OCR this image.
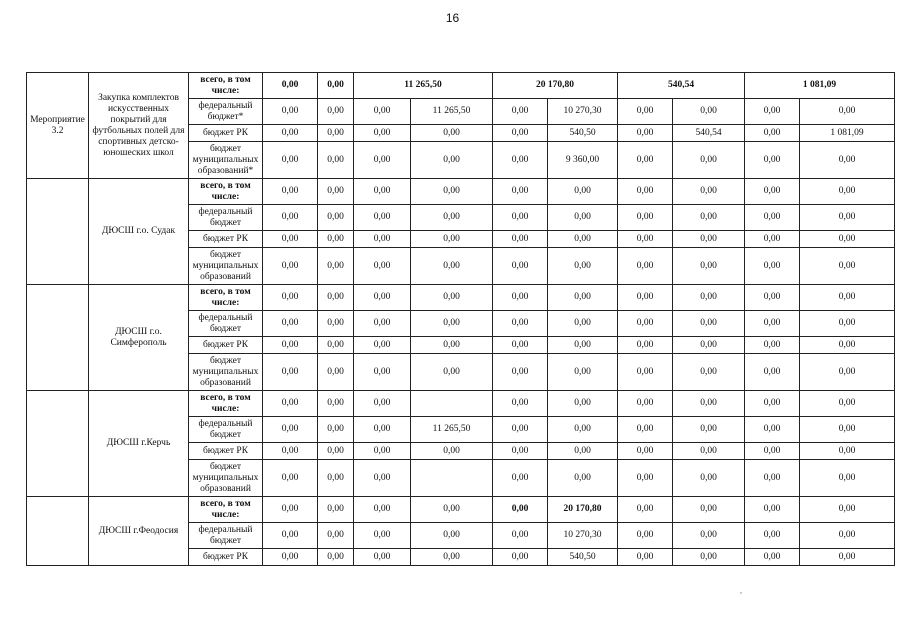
16
Мероприятие 3.2	Закупка комплектов искусственных покрытий для футбольных полей для спортивных детско-юношеских школ	всего, в том числе:	0,00	0,00	11 265,50		20 170,80		540,54		1 081,09	
		федеральный бюджет*	0,00	0,00	0,00	11 265,50	0,00	10 270,30	0,00	0,00	0,00	0,00
		бюджет РК	0,00	0,00	0,00	0,00	0,00	540,50	0,00	540,54	0,00	1 081,09
		бюджет муниципальных образований*	0,00	0,00	0,00	0,00	0,00	9 360,00	0,00	0,00	0,00	0,00
	ДЮСШ г.о. Судак	всего, в том числе:	0,00	0,00	0,00	0,00	0,00	0,00	0,00	0,00	0,00	0,00
		федеральный бюджет	0,00	0,00	0,00	0,00	0,00	0,00	0,00	0,00	0,00	0,00
		бюджет РК	0,00	0,00	0,00	0,00	0,00	0,00	0,00	0,00	0,00	0,00
		бюджет муниципальных образований	0,00	0,00	0,00	0,00	0,00	0,00	0,00	0,00	0,00	0,00
	ДЮСШ г.о. Симферополь	всего, в том числе:	0,00	0,00	0,00	0,00	0,00	0,00	0,00	0,00	0,00	0,00
		федеральный бюджет	0,00	0,00	0,00	0,00	0,00	0,00	0,00	0,00	0,00	0,00
		бюджет РК	0,00	0,00	0,00	0,00	0,00	0,00	0,00	0,00	0,00	0,00
		бюджет муниципальных образований	0,00	0,00	0,00	0,00	0,00	0,00	0,00	0,00	0,00	0,00
	ДЮСШ г.Керчь	всего, в том числе:	0,00	0,00	0,00		0,00	0,00	0,00	0,00	0,00	0,00
		федеральный бюджет	0,00	0,00	0,00	11 265,50	0,00	0,00	0,00	0,00	0,00	0,00
		бюджет РК	0,00	0,00	0,00	0,00	0,00	0,00	0,00	0,00	0,00	0,00
		бюджет муниципальных образований	0,00	0,00	0,00		0,00	0,00	0,00	0,00	0,00	0,00
	ДЮСШ г.Феодосия	всего, в том числе:	0,00	0,00	0,00	0,00	0,00	20 170,80	0,00	0,00	0,00	0,00
		федеральный бюджет	0,00	0,00	0,00	0,00	0,00	10 270,30	0,00	0,00	0,00	0,00
		бюджет РК	0,00	0,00	0,00	0,00	0,00	540,50	0,00	0,00	0,00	0,00
,
